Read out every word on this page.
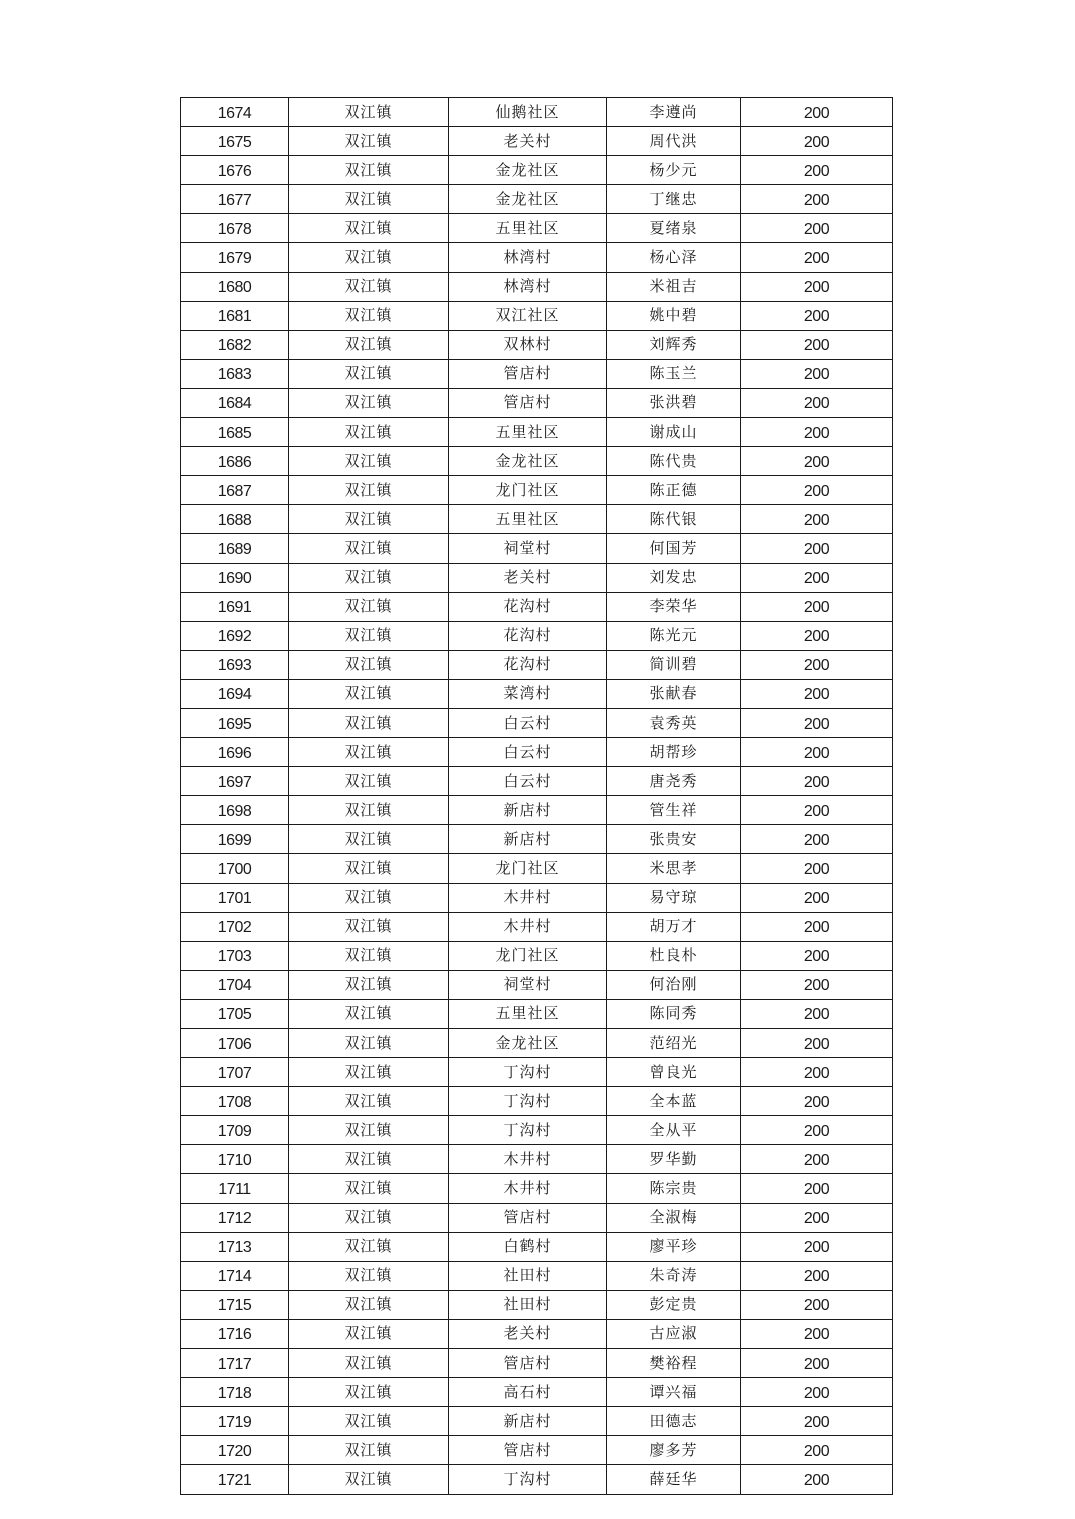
1674	双江镇	仙鹅社区	李遵尚	200
1675	双江镇	老关村	周代洪	200
1676	双江镇	金龙社区	杨少元	200
1677	双江镇	金龙社区	丁继忠	200
1678	双江镇	五里社区	夏绪泉	200
1679	双江镇	林湾村	杨心泽	200
1680	双江镇	林湾村	米祖吉	200
1681	双江镇	双江社区	姚中碧	200
1682	双江镇	双林村	刘辉秀	200
1683	双江镇	管店村	陈玉兰	200
1684	双江镇	管店村	张洪碧	200
1685	双江镇	五里社区	谢成山	200
1686	双江镇	金龙社区	陈代贵	200
1687	双江镇	龙门社区	陈正德	200
1688	双江镇	五里社区	陈代银	200
1689	双江镇	祠堂村	何国芳	200
1690	双江镇	老关村	刘发忠	200
1691	双江镇	花沟村	李荣华	200
1692	双江镇	花沟村	陈光元	200
1693	双江镇	花沟村	简训碧	200
1694	双江镇	菜湾村	张献春	200
1695	双江镇	白云村	袁秀英	200
1696	双江镇	白云村	胡帮珍	200
1697	双江镇	白云村	唐尧秀	200
1698	双江镇	新店村	管生祥	200
1699	双江镇	新店村	张贵安	200
1700	双江镇	龙门社区	米思孝	200
1701	双江镇	木井村	易守琼	200
1702	双江镇	木井村	胡万才	200
1703	双江镇	龙门社区	杜良朴	200
1704	双江镇	祠堂村	何治刚	200
1705	双江镇	五里社区	陈同秀	200
1706	双江镇	金龙社区	范绍光	200
1707	双江镇	丁沟村	曾良光	200
1708	双江镇	丁沟村	全本蓝	200
1709	双江镇	丁沟村	全从平	200
1710	双江镇	木井村	罗华勤	200
1711	双江镇	木井村	陈宗贵	200
1712	双江镇	管店村	全淑梅	200
1713	双江镇	白鹤村	廖平珍	200
1714	双江镇	社田村	朱奇涛	200
1715	双江镇	社田村	彭定贵	200
1716	双江镇	老关村	古应淑	200
1717	双江镇	管店村	樊裕程	200
1718	双江镇	高石村	谭兴福	200
1719	双江镇	新店村	田德志	200
1720	双江镇	管店村	廖多芳	200
1721	双江镇	丁沟村	薛廷华	200
